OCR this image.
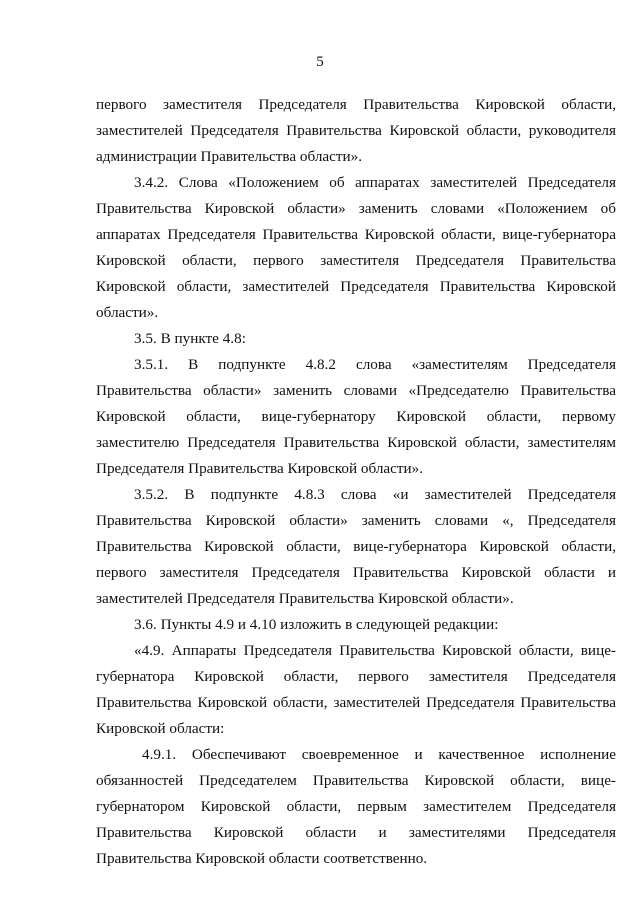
5

первого заместителя Председателя Правительства Кировской области, заместителей Председателя Правительства Кировской области, руководителя администрации Правительства области».

3.4.2. Слова «Положением об аппаратах заместителей Председателя Правительства Кировской области» заменить словами «Положением об аппаратах Председателя Правительства Кировской области, вице-губернатора Кировской области, первого заместителя Председателя Правительства Кировской области, заместителей Председателя Правительства Кировской области».

3.5. В пункте 4.8:

3.5.1. В подпункте 4.8.2 слова «заместителям Председателя Правительства области» заменить словами «Председателю Правительства Кировской области, вице-губернатору Кировской области, первому заместителю Председателя Правительства Кировской области, заместителям Председателя Правительства Кировской области».

3.5.2. В подпункте 4.8.3 слова «и заместителей Председателя Правительства Кировской области» заменить словами «, Председателя Правительства Кировской области, вице-губернатора Кировской области, первого заместителя Председателя Правительства Кировской области и заместителей Председателя Правительства Кировской области».

3.6. Пункты 4.9 и 4.10 изложить в следующей редакции:

«4.9. Аппараты Председателя Правительства Кировской области, вице-губернатора Кировской области, первого заместителя Председателя Правительства Кировской области, заместителей Председателя Правительства Кировской области:

4.9.1. Обеспечивают своевременное и качественное исполнение обязанностей Председателем Правительства Кировской области, вице-губернатором Кировской области, первым заместителем Председателя Правительства Кировской области и заместителями Председателя Правительства Кировской области соответственно.
